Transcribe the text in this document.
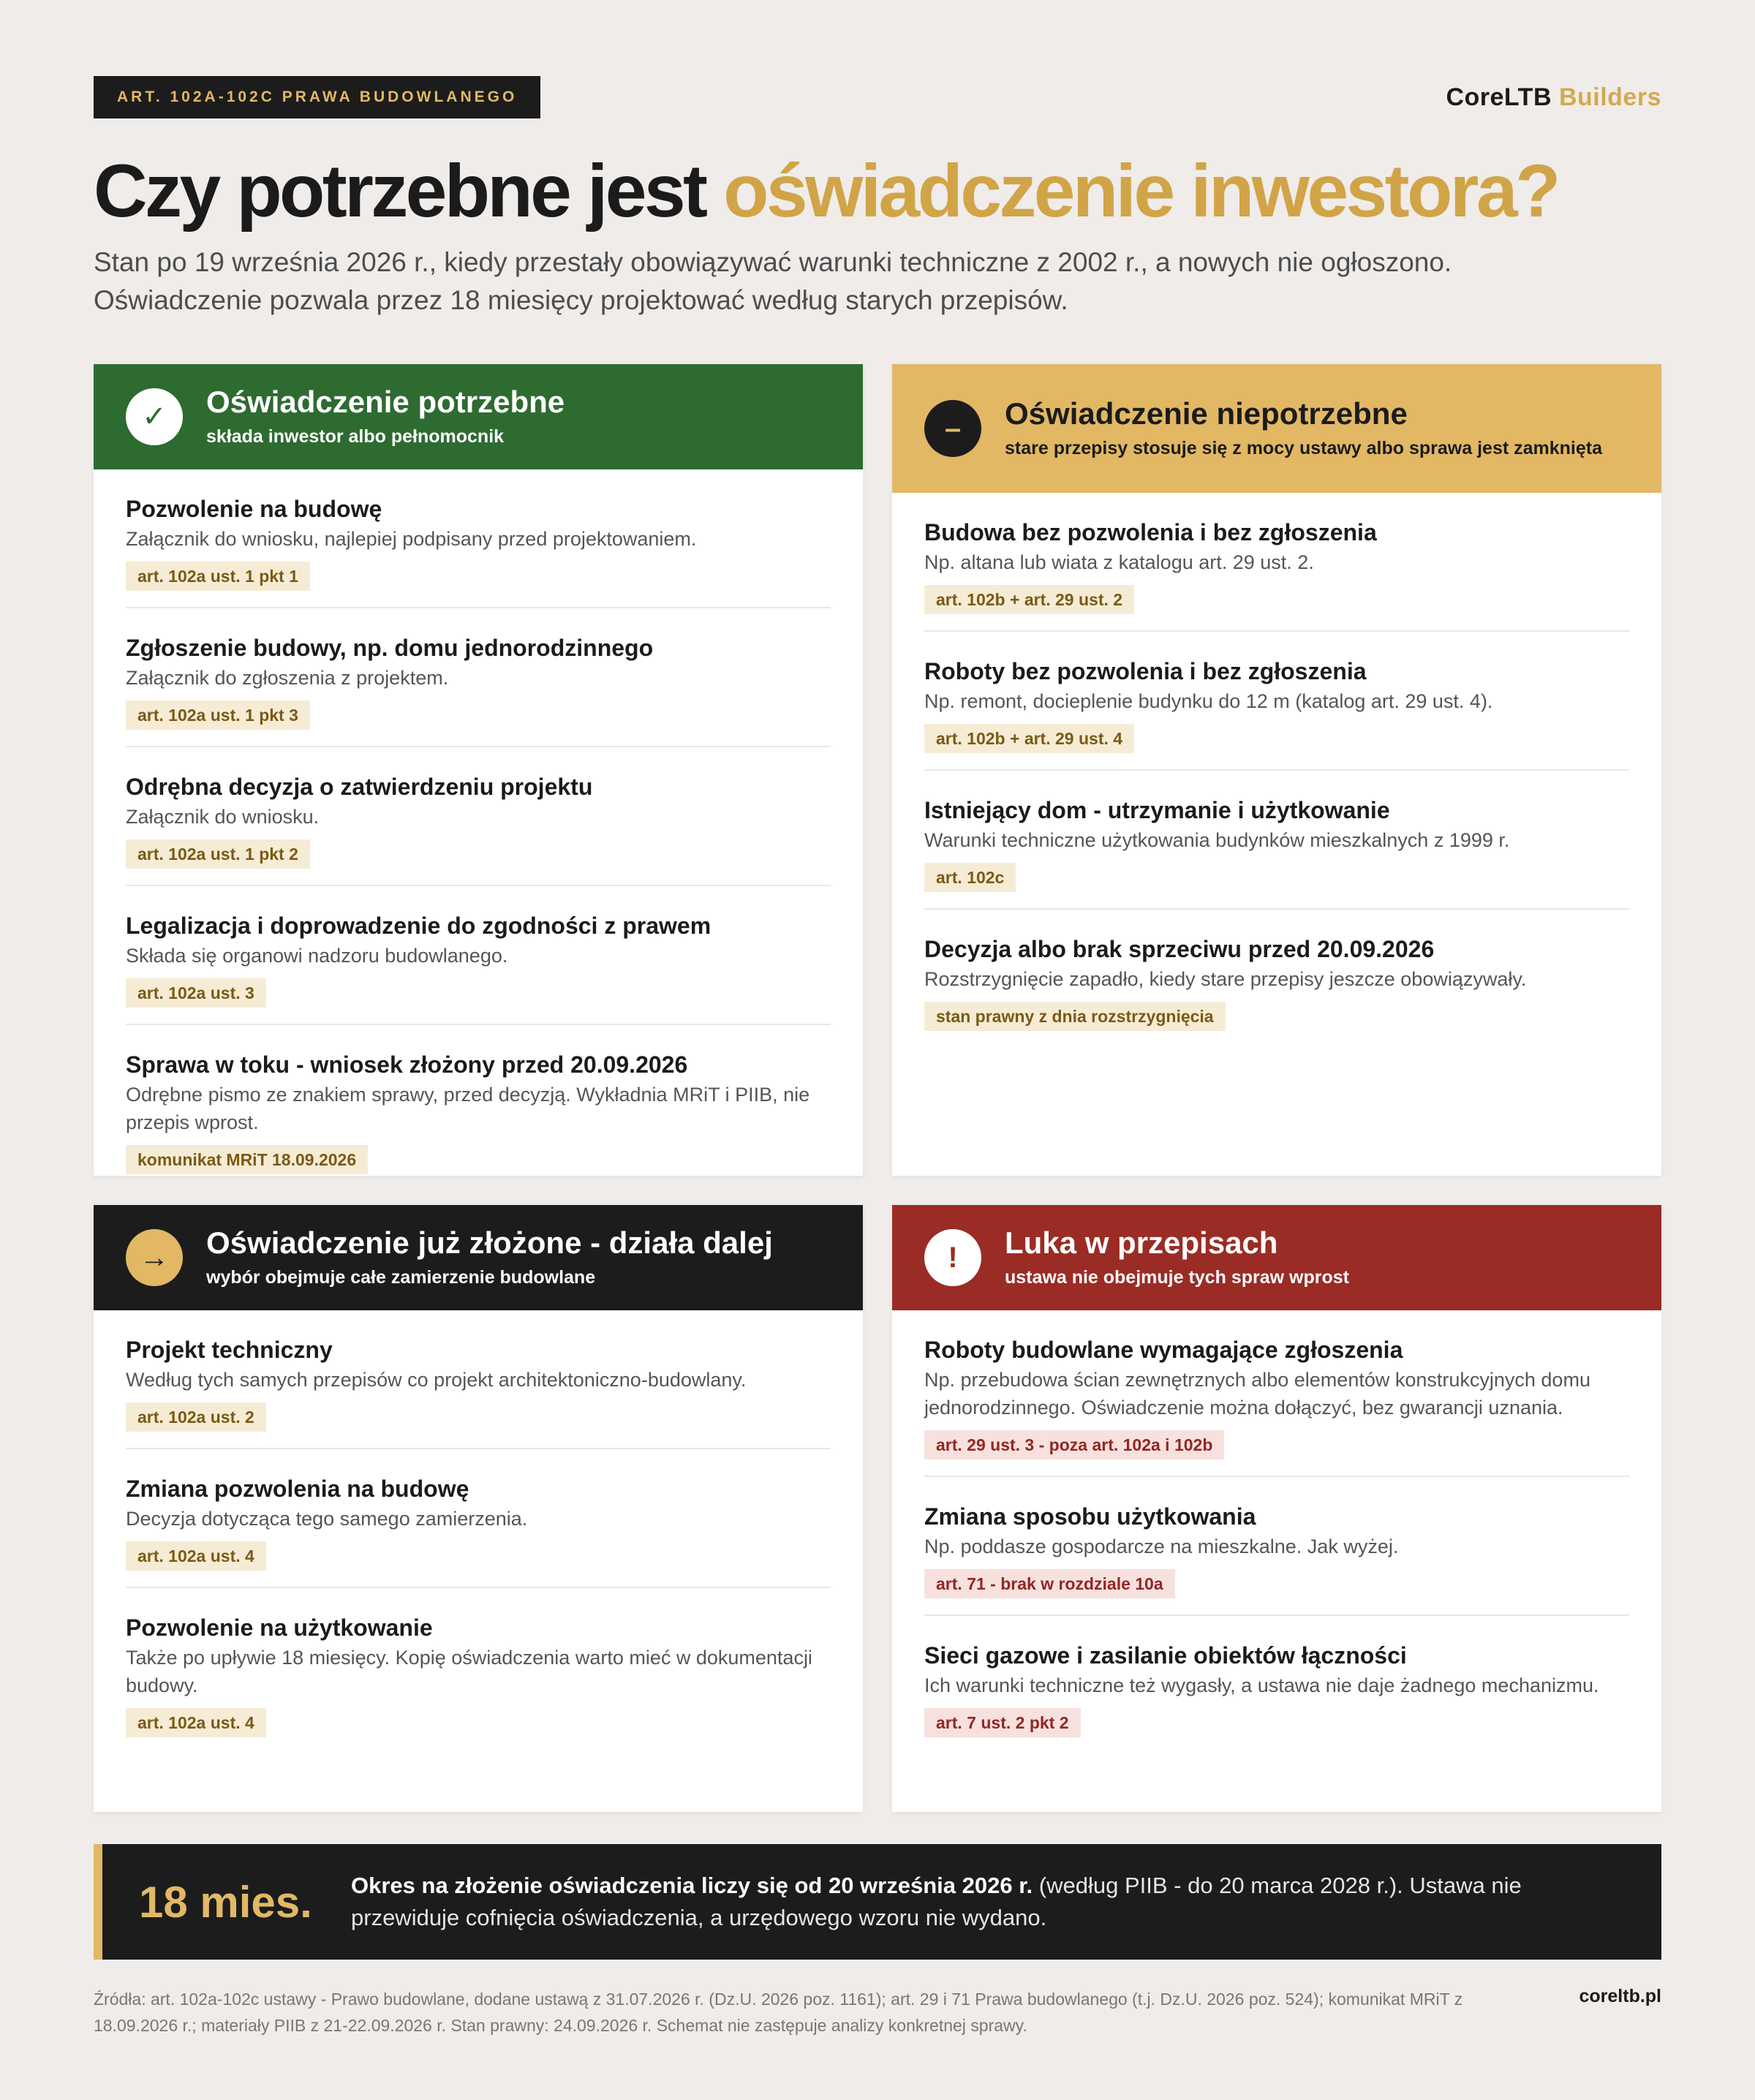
ART. 102A-102C PRAWA BUDOWLANEGO	CoreLTB Builders
Czy potrzebne jest oświadczenie inwestora?
Stan po 19 września 2026 r., kiedy przestały obowiązywać warunki techniczne z 2002 r., a nowych nie ogłoszono.
Oświadczenie pozwala przez 18 miesięcy projektować według starych przepisów.
✓	Oświadczenie potrzebne
składa inwestor albo pełnomocnik
Pozwolenie na budowę
Załącznik do wniosku, najlepiej podpisany przed projektowaniem.
art. 102a ust. 1 pkt 1
Zgłoszenie budowy, np. domu jednorodzinnego
Załącznik do zgłoszenia z projektem.
art. 102a ust. 1 pkt 3
Odrębna decyzja o zatwierdzeniu projektu
Załącznik do wniosku.
art. 102a ust. 1 pkt 2
Legalizacja i doprowadzenie do zgodności z prawem
Składa się organowi nadzoru budowlanego.
art. 102a ust. 3
Sprawa w toku - wniosek złożony przed 20.09.2026
Odrębne pismo ze znakiem sprawy, przed decyzją. Wykładnia MRiT i PIIB, nie przepis wprost.
komunikat MRiT 18.09.2026
–	Oświadczenie niepotrzebne
stare przepisy stosuje się z mocy ustawy albo sprawa jest zamknięta
Budowa bez pozwolenia i bez zgłoszenia
Np. altana lub wiata z katalogu art. 29 ust. 2.
art. 102b + art. 29 ust. 2
Roboty bez pozwolenia i bez zgłoszenia
Np. remont, docieplenie budynku do 12 m (katalog art. 29 ust. 4).
art. 102b + art. 29 ust. 4
Istniejący dom - utrzymanie i użytkowanie
Warunki techniczne użytkowania budynków mieszkalnych z 1999 r.
art. 102c
Decyzja albo brak sprzeciwu przed 20.09.2026
Rozstrzygnięcie zapadło, kiedy stare przepisy jeszcze obowiązywały.
stan prawny z dnia rozstrzygnięcia
→	Oświadczenie już złożone - działa dalej
wybór obejmuje całe zamierzenie budowlane
Projekt techniczny
Według tych samych przepisów co projekt architektoniczno-budowlany.
art. 102a ust. 2
Zmiana pozwolenia na budowę
Decyzja dotycząca tego samego zamierzenia.
art. 102a ust. 4
Pozwolenie na użytkowanie
Także po upływie 18 miesięcy. Kopię oświadczenia warto mieć w dokumentacji budowy.
art. 102a ust. 4
!	Luka w przepisach
ustawa nie obejmuje tych spraw wprost
Roboty budowlane wymagające zgłoszenia
Np. przebudowa ścian zewnętrznych albo elementów konstrukcyjnych domu jednorodzinnego. Oświadczenie można dołączyć, bez gwarancji uznania.
art. 29 ust. 3 - poza art. 102a i 102b
Zmiana sposobu użytkowania
Np. poddasze gospodarcze na mieszkalne. Jak wyżej.
art. 71 - brak w rozdziale 10a
Sieci gazowe i zasilanie obiektów łączności
Ich warunki techniczne też wygasły, a ustawa nie daje żadnego mechanizmu.
art. 7 ust. 2 pkt 2
18 mies.	Okres na złożenie oświadczenia liczy się od 20 września 2026 r. (według PIIB - do 20 marca 2028 r.). Ustawa nie przewiduje cofnięcia oświadczenia, a urzędowego wzoru nie wydano.
Źródła: art. 102a-102c ustawy - Prawo budowlane, dodane ustawą z 31.07.2026 r. (Dz.U. 2026 poz. 1161); art. 29 i 71 Prawa budowlanego (t.j. Dz.U. 2026 poz. 524); komunikat MRiT z 18.09.2026 r.; materiały PIIB z 21-22.09.2026 r. Stan prawny: 24.09.2026 r. Schemat nie zastępuje analizy konkretnej sprawy.
coreltb.pl
